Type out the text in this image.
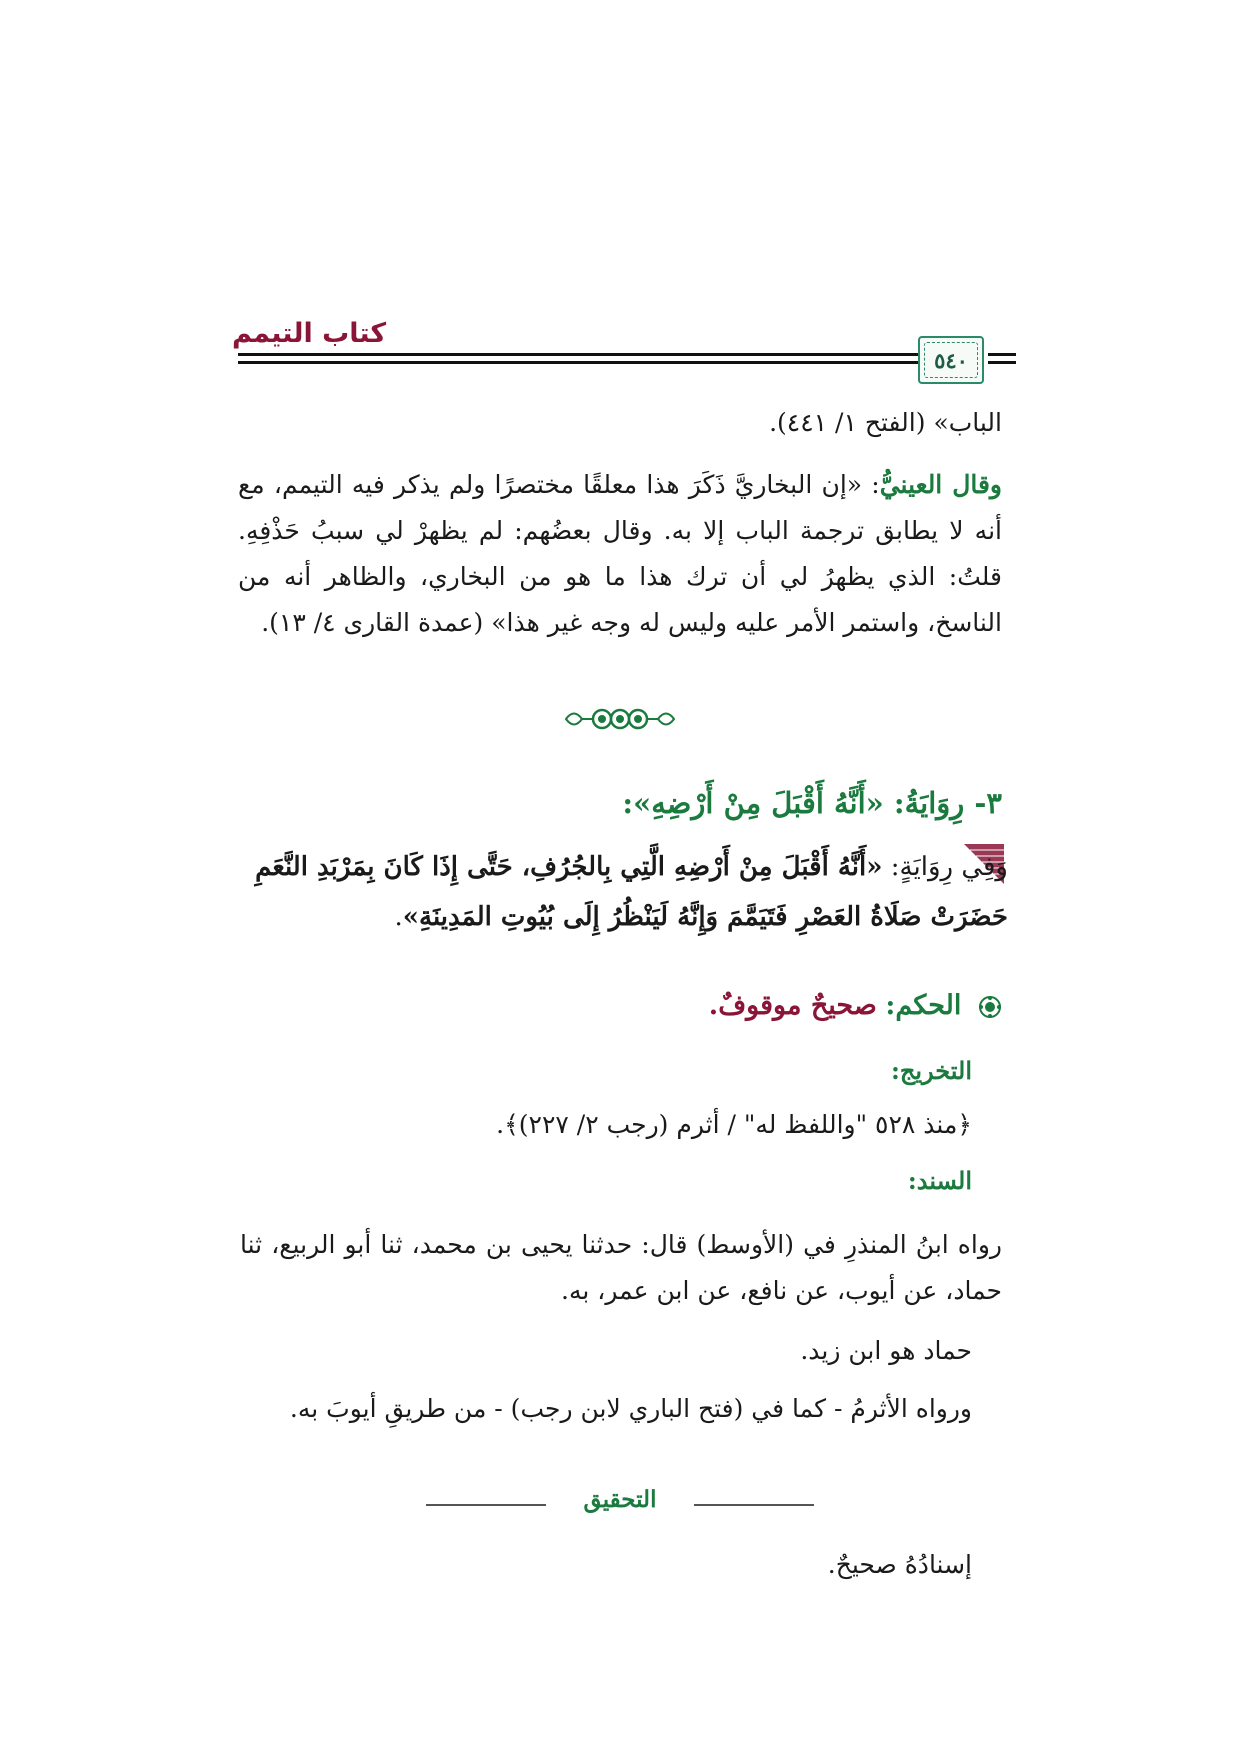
كتاب التيمم
٥٤٠
الباب» (الفتح ١/ ٤٤١).
وقال العينيُّ: «إن البخاريَّ ذَكَرَ هذا معلقًا مختصرًا ولم يذكر فيه التيمم، مع أنه لا يطابق ترجمة الباب إلا به. وقال بعضُهم: لم يظهرْ لي سببُ حَذْفِهِ. قلتُ: الذي يظهرُ لي أن ترك هذا ما هو من البخاري، والظاهر أنه من الناسخ، واستمر الأمر عليه وليس له وجه غير هذا» (عمدة القارى ٤/ ١٣).
٣- رِوَايَةُ: «أَنَّهُ أَقْبَلَ مِنْ أَرْضِهِ»:
وَفِي رِوَايَةٍ: «أَنَّهُ أَقْبَلَ مِنْ أَرْضِهِ الَّتِي بِالجُرُفِ، حَتَّى إِذَا كَانَ بِمَرْبَدِ النَّعَمِ حَضَرَتْ صَلَاةُ العَصْرِ فَتَيَمَّمَ وَإِنَّهُ لَيَنْظُرُ إِلَى بُيُوتِ المَدِينَةِ».
الحكم: صحيحٌ موقوفٌ.
التخريج:
﴿منذ ٥٢٨ "واللفظ له" / أثرم (رجب ٢/ ٢٢٧)﴾.
السند:
رواه ابنُ المنذرِ في (الأوسط) قال: حدثنا يحيى بن محمد، ثنا أبو الربيع، ثنا حماد، عن أيوب، عن نافع، عن ابن عمر، به.
حماد هو ابن زيد.
ورواه الأثرمُ - كما في (فتح الباري لابن رجب) - من طريقِ أيوبَ به.
التحقيق
إسنادُهُ صحيحٌ.
